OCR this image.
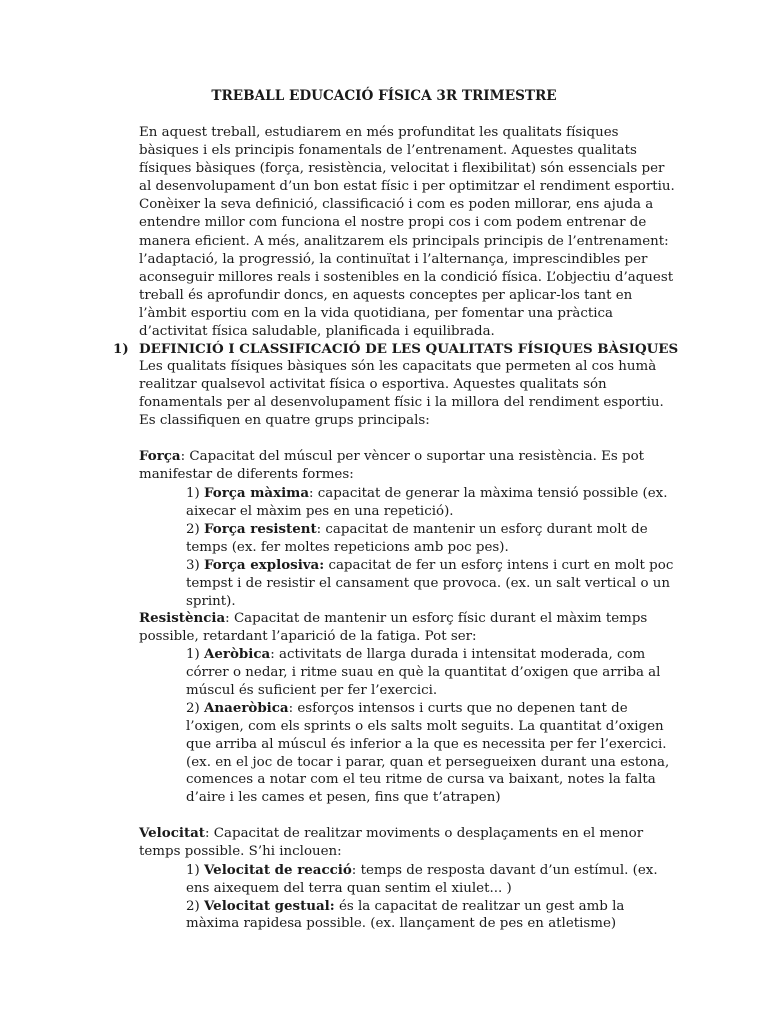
TREBALL EDUCACIÓ FÍSICA 3R TRIMESTRE

En aquest treball, estudiarem en més profunditat les qualitats físiques bàsiques i els principis fonamentals de l’entrenament. Aquestes qualitats físiques bàsiques (força, resistència, velocitat i flexibilitat) són essencials per al desenvolupament d’un bon estat físic i per optimitzar el rendiment esportiu. Conèixer la seva definició, classificació i com es poden millorar, ens ajuda a entendre millor com funciona el nostre propi cos i com podem entrenar de manera eficient. A més, analitzarem els principals principis de l’entrenament: l’adaptació, la progressió, la continuïtat i l’alternança, imprescindibles per aconseguir millores reals i sostenibles en la condició física. L’objectiu d’aquest treball és aprofundir doncs, en aquests conceptes per aplicar-los tant en l’àmbit esportiu com en la vida quotidiana, per fomentar una pràctica d’activitat física saludable, planificada i equilibrada.

1) DEFINICIÓ I CLASSIFICACIÓ DE LES QUALITATS FÍSIQUES BÀSIQUES

Les qualitats físiques bàsiques són les capacitats que permeten al cos humà realitzar qualsevol activitat física o esportiva. Aquestes qualitats són fonamentals per al desenvolupament físic i la millora del rendiment esportiu. Es classifiquen en quatre grups principals:

Força: Capacitat del múscul per vèncer o suportar una resistència. Es pot manifestar de diferents formes:

1) Força màxima: capacitat de generar la màxima tensió possible (ex. aixecar el màxim pes en una repetició).

2) Força resistent: capacitat de mantenir un esforç durant molt de temps (ex. fer moltes repeticions amb poc pes).

3) Força explosiva: capacitat de fer un esforç intens i curt en molt poc tempst i de resistir el cansament que provoca. (ex. un salt vertical o un sprint).

Resistència: Capacitat de mantenir un esforç físic durant el màxim temps possible, retardant l’aparició de la fatiga. Pot ser:

1) Aeròbica: activitats de llarga durada i intensitat moderada, com córrer o nedar, i ritme suau en què la quantitat d’oxigen que arriba al múscul és suficient per fer l’exercici.

2) Anaeròbica: esforços intensos i curts que no depenen tant de l’oxigen, com els sprints o els salts molt seguits. La quantitat d’oxigen que arriba al múscul és inferior a la que es necessita per fer l’exercici. (ex. en el joc de tocar i parar, quan et persegueixen durant una estona,

comences a notar com el teu ritme de cursa va baixant, notes la falta d’aire i les cames et pesen, fins que t’atrapen)

Velocitat: Capacitat de realitzar moviments o desplaçaments en el menor temps possible. S’hi inclouen:

1) Velocitat de reacció: temps de resposta davant d’un estímul. (ex. ens aixequem del terra quan sentim el xiulet... )

2) Velocitat gestual: és la capacitat de realitzar un gest amb la

màxima rapidesa possible. (ex. llançament de pes en atletisme)
